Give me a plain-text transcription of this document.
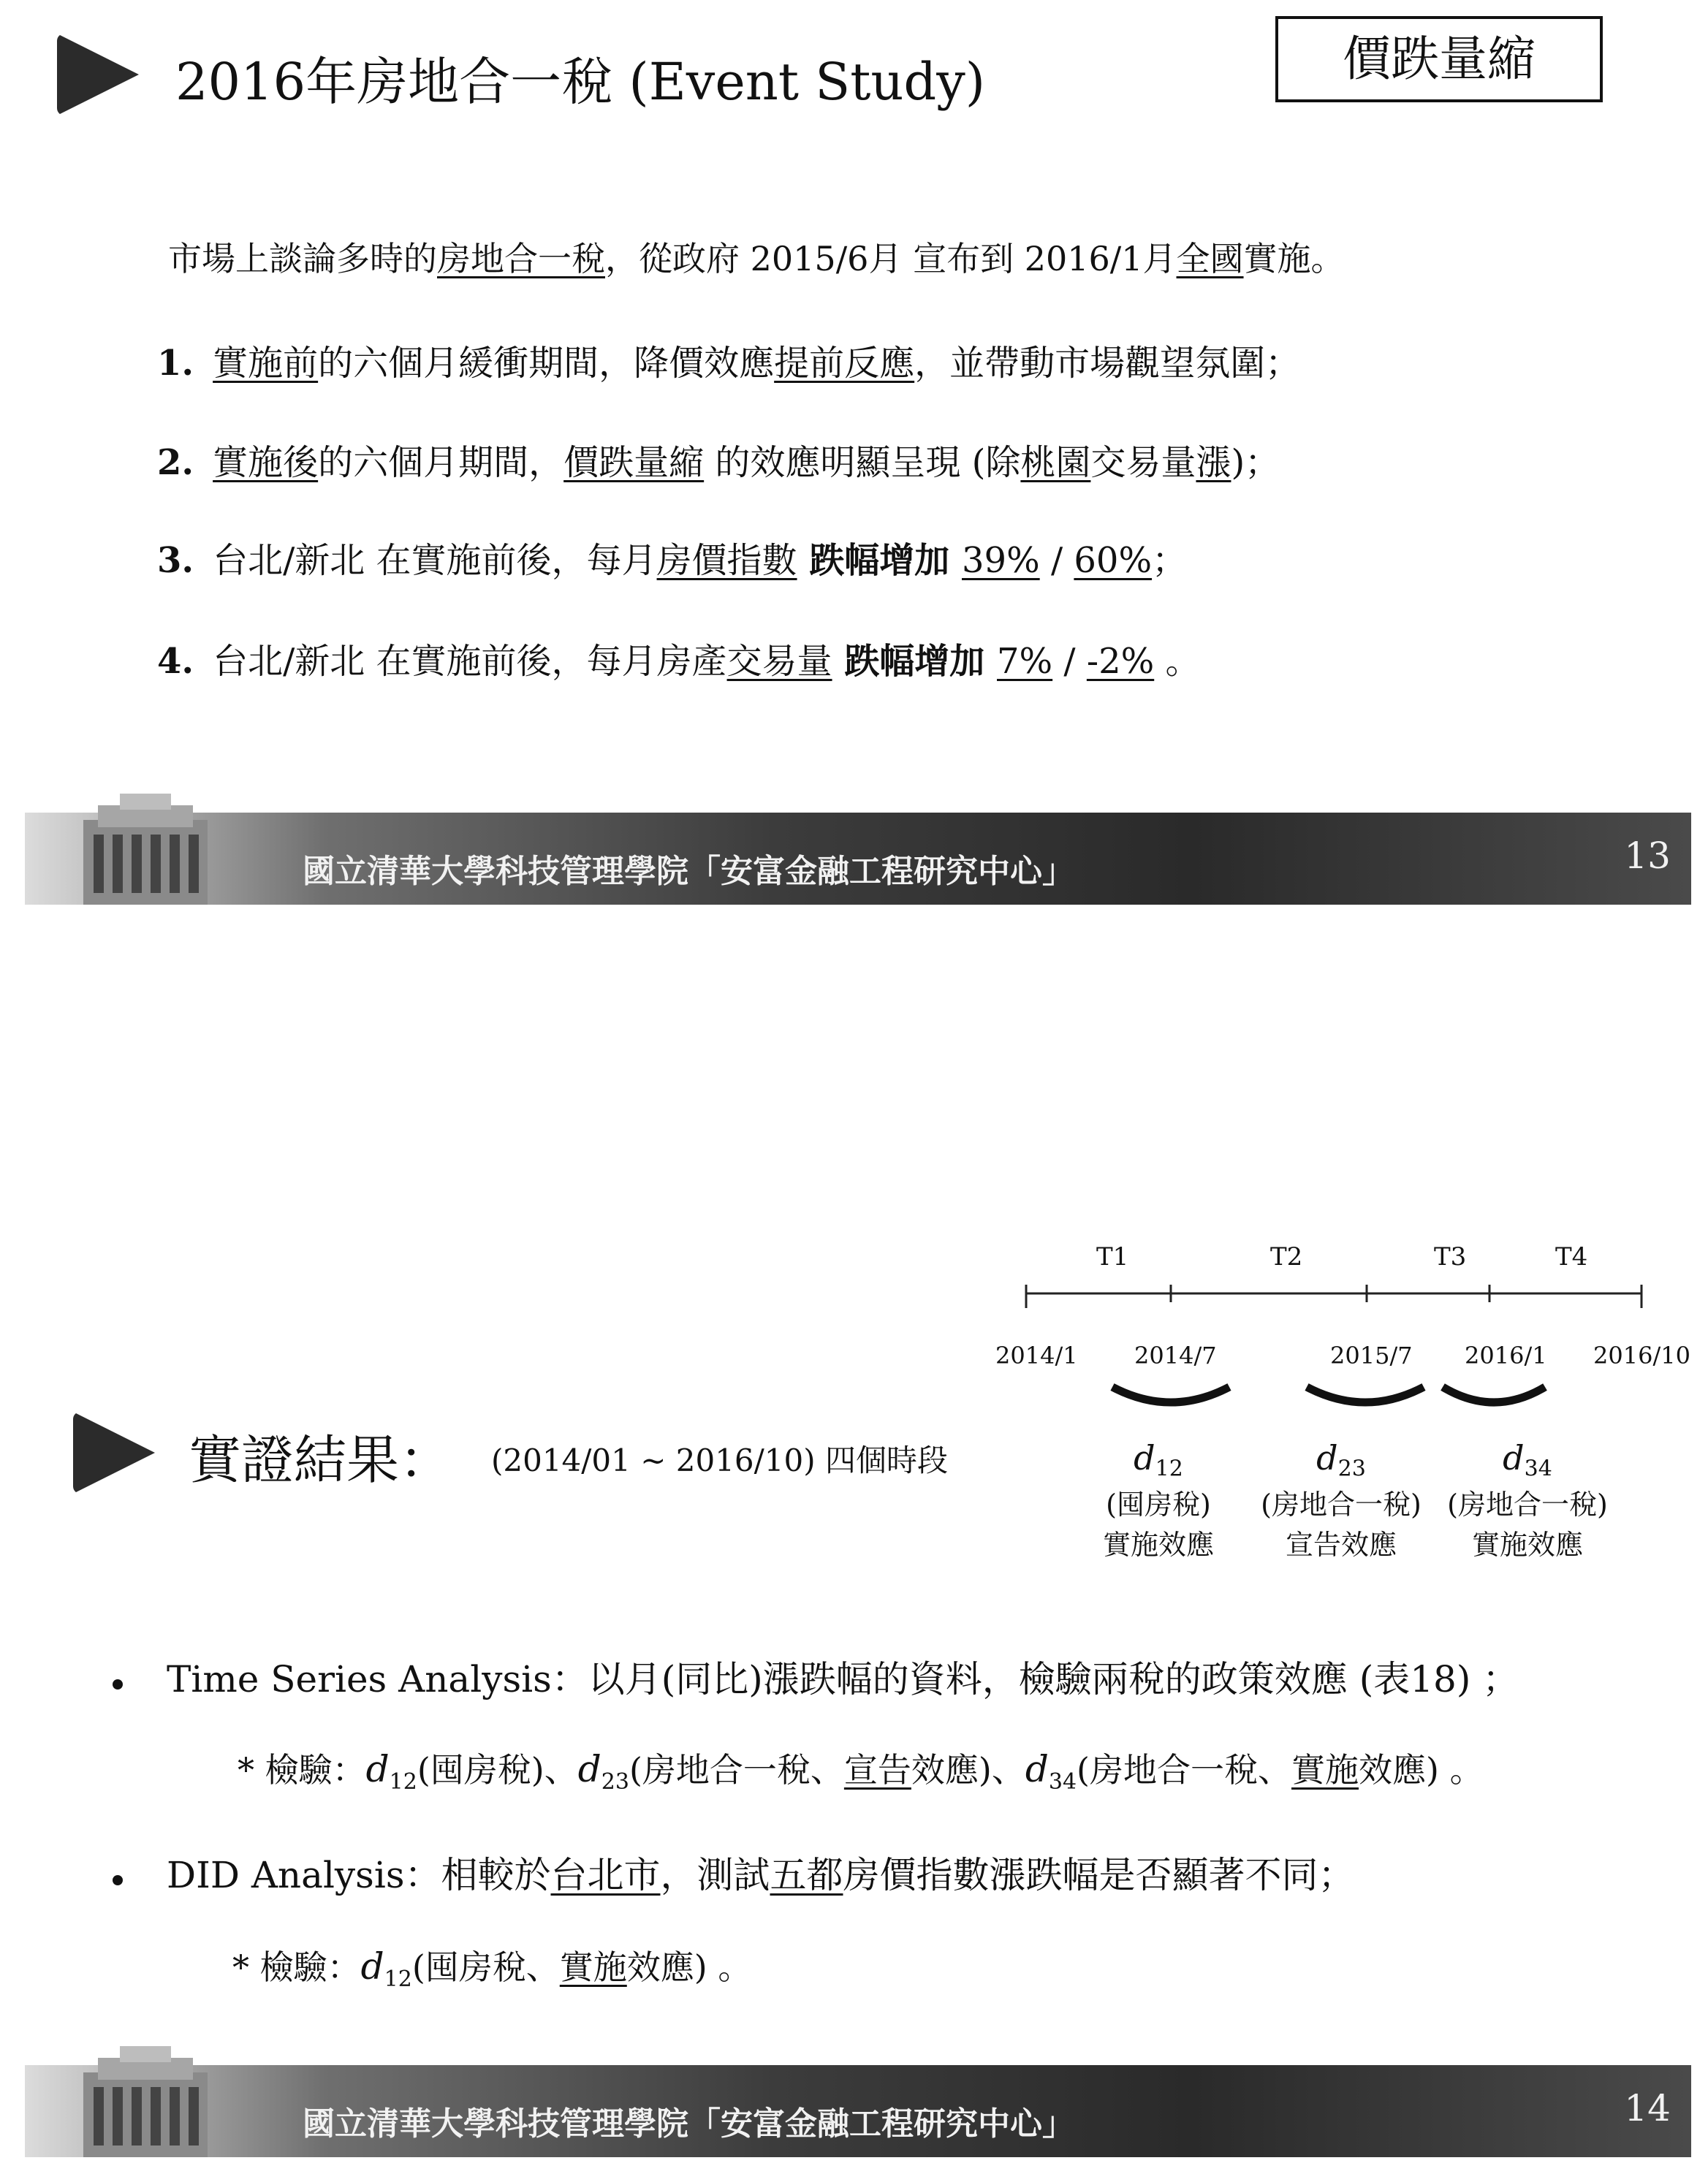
2016年房地合一稅 (Event Study)	價跌量縮
市場上談論多時的房地合一稅，從政府 2015/6月 宣布到 2016/1月全國實施。
1. 實施前的六個月緩衝期間，降價效應提前反應，並帶動市場觀望氛圍；
2. 實施後的六個月期間，價跌量縮 的效應明顯呈現 (除桃園交易量漲)；
3. 台北/新北 在實施前後，每月房價指數 跌幅增加 39% / 60%；
4. 台北/新北 在實施前後，每月房產交易量 跌幅增加 7% / -2% 。
國立清華大學科技管理學院「安富金融工程研究中心」	13
T1	T2	T3	T4
2014/1 2014/7	2015/7 2016/1 2016/10
$d_{12}$
(囤房稅)
實施效應
$d_{23}$
(房地合一稅)
宣告效應
$d_{34}$
(房地合一稅)
實施效應
實證結果： (2014/01 ~ 2016/10) 四個時段
Time Series Analysis：以月(同比)漲跌幅的資料，檢驗兩稅的政策效應 (表18) ；
* 檢驗：$d_{12}$(囤房稅)、$d_{23}$(房地合一稅、宣告效應)、$d_{34}$(房地合一稅、實施效應) 。
DID Analysis：相較於台北市，測試五都房價指數漲跌幅是否顯著不同；
* 檢驗：$d_{12}$(囤房稅、實施效應) 。
國立清華大學科技管理學院「安富金融工程研究中心」	14
